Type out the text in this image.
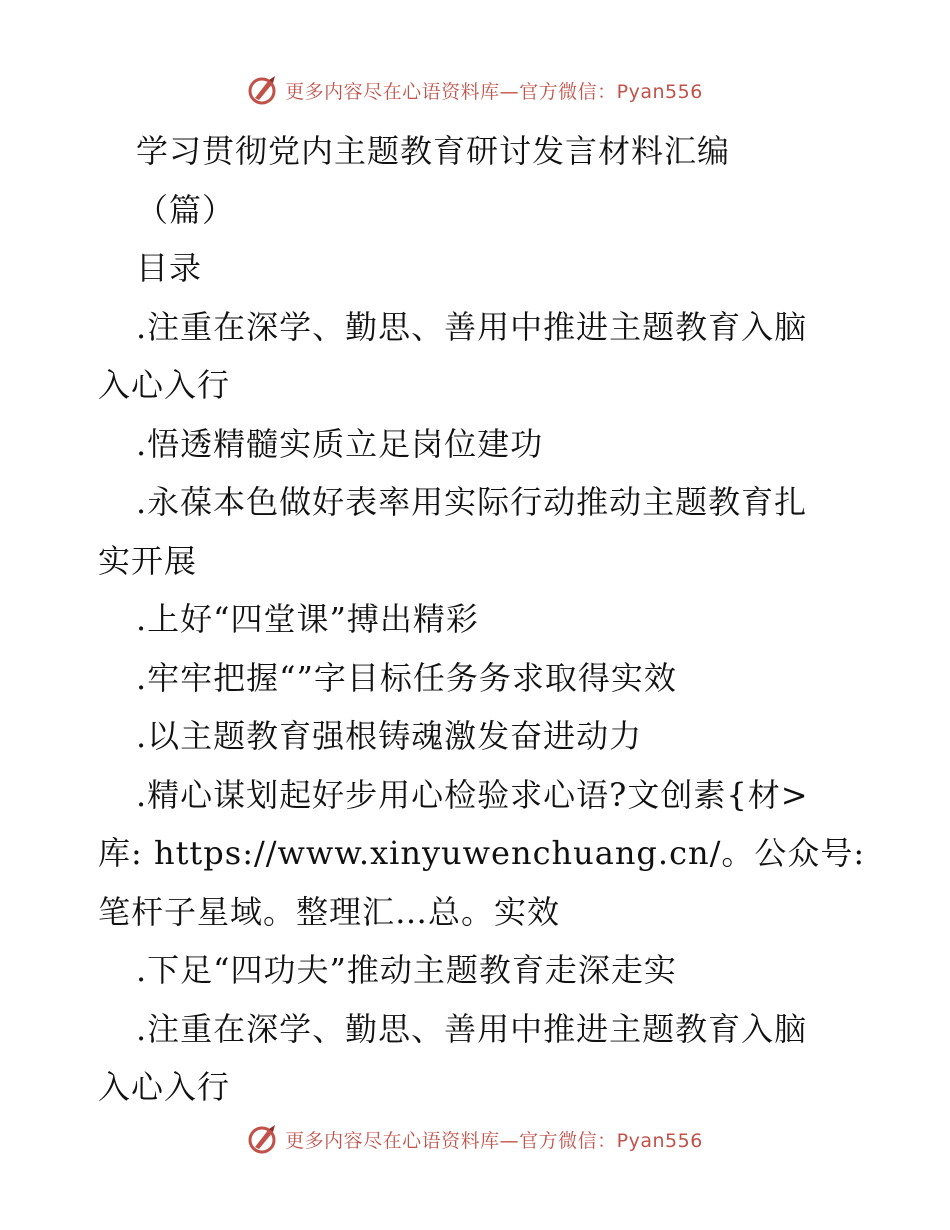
更多内容尽在心语资料库—官方微信：Pyan556
学习贯彻党内主题教育研讨发言材料汇编
（篇）
目录
.注重在深学、勤思、善用中推进主题教育入脑
入心入行
.悟透精髓实质立足岗位建功
.永葆本色做好表率用实际行动推动主题教育扎
实开展
.上好“四堂课”搏出精彩
.牢牢把握“”字目标任务务求取得实效
.以主题教育强根铸魂激发奋进动力
.精心谋划起好步用心检验求心语?文创素{材>
库: https://www.xinyuwenchuang.cn/。公众号:
笔杆子星域。整理汇…总。实效
.下足“四功夫”推动主题教育走深走实
.注重在深学、勤思、善用中推进主题教育入脑
入心入行
更多内容尽在心语资料库—官方微信：Pyan556
